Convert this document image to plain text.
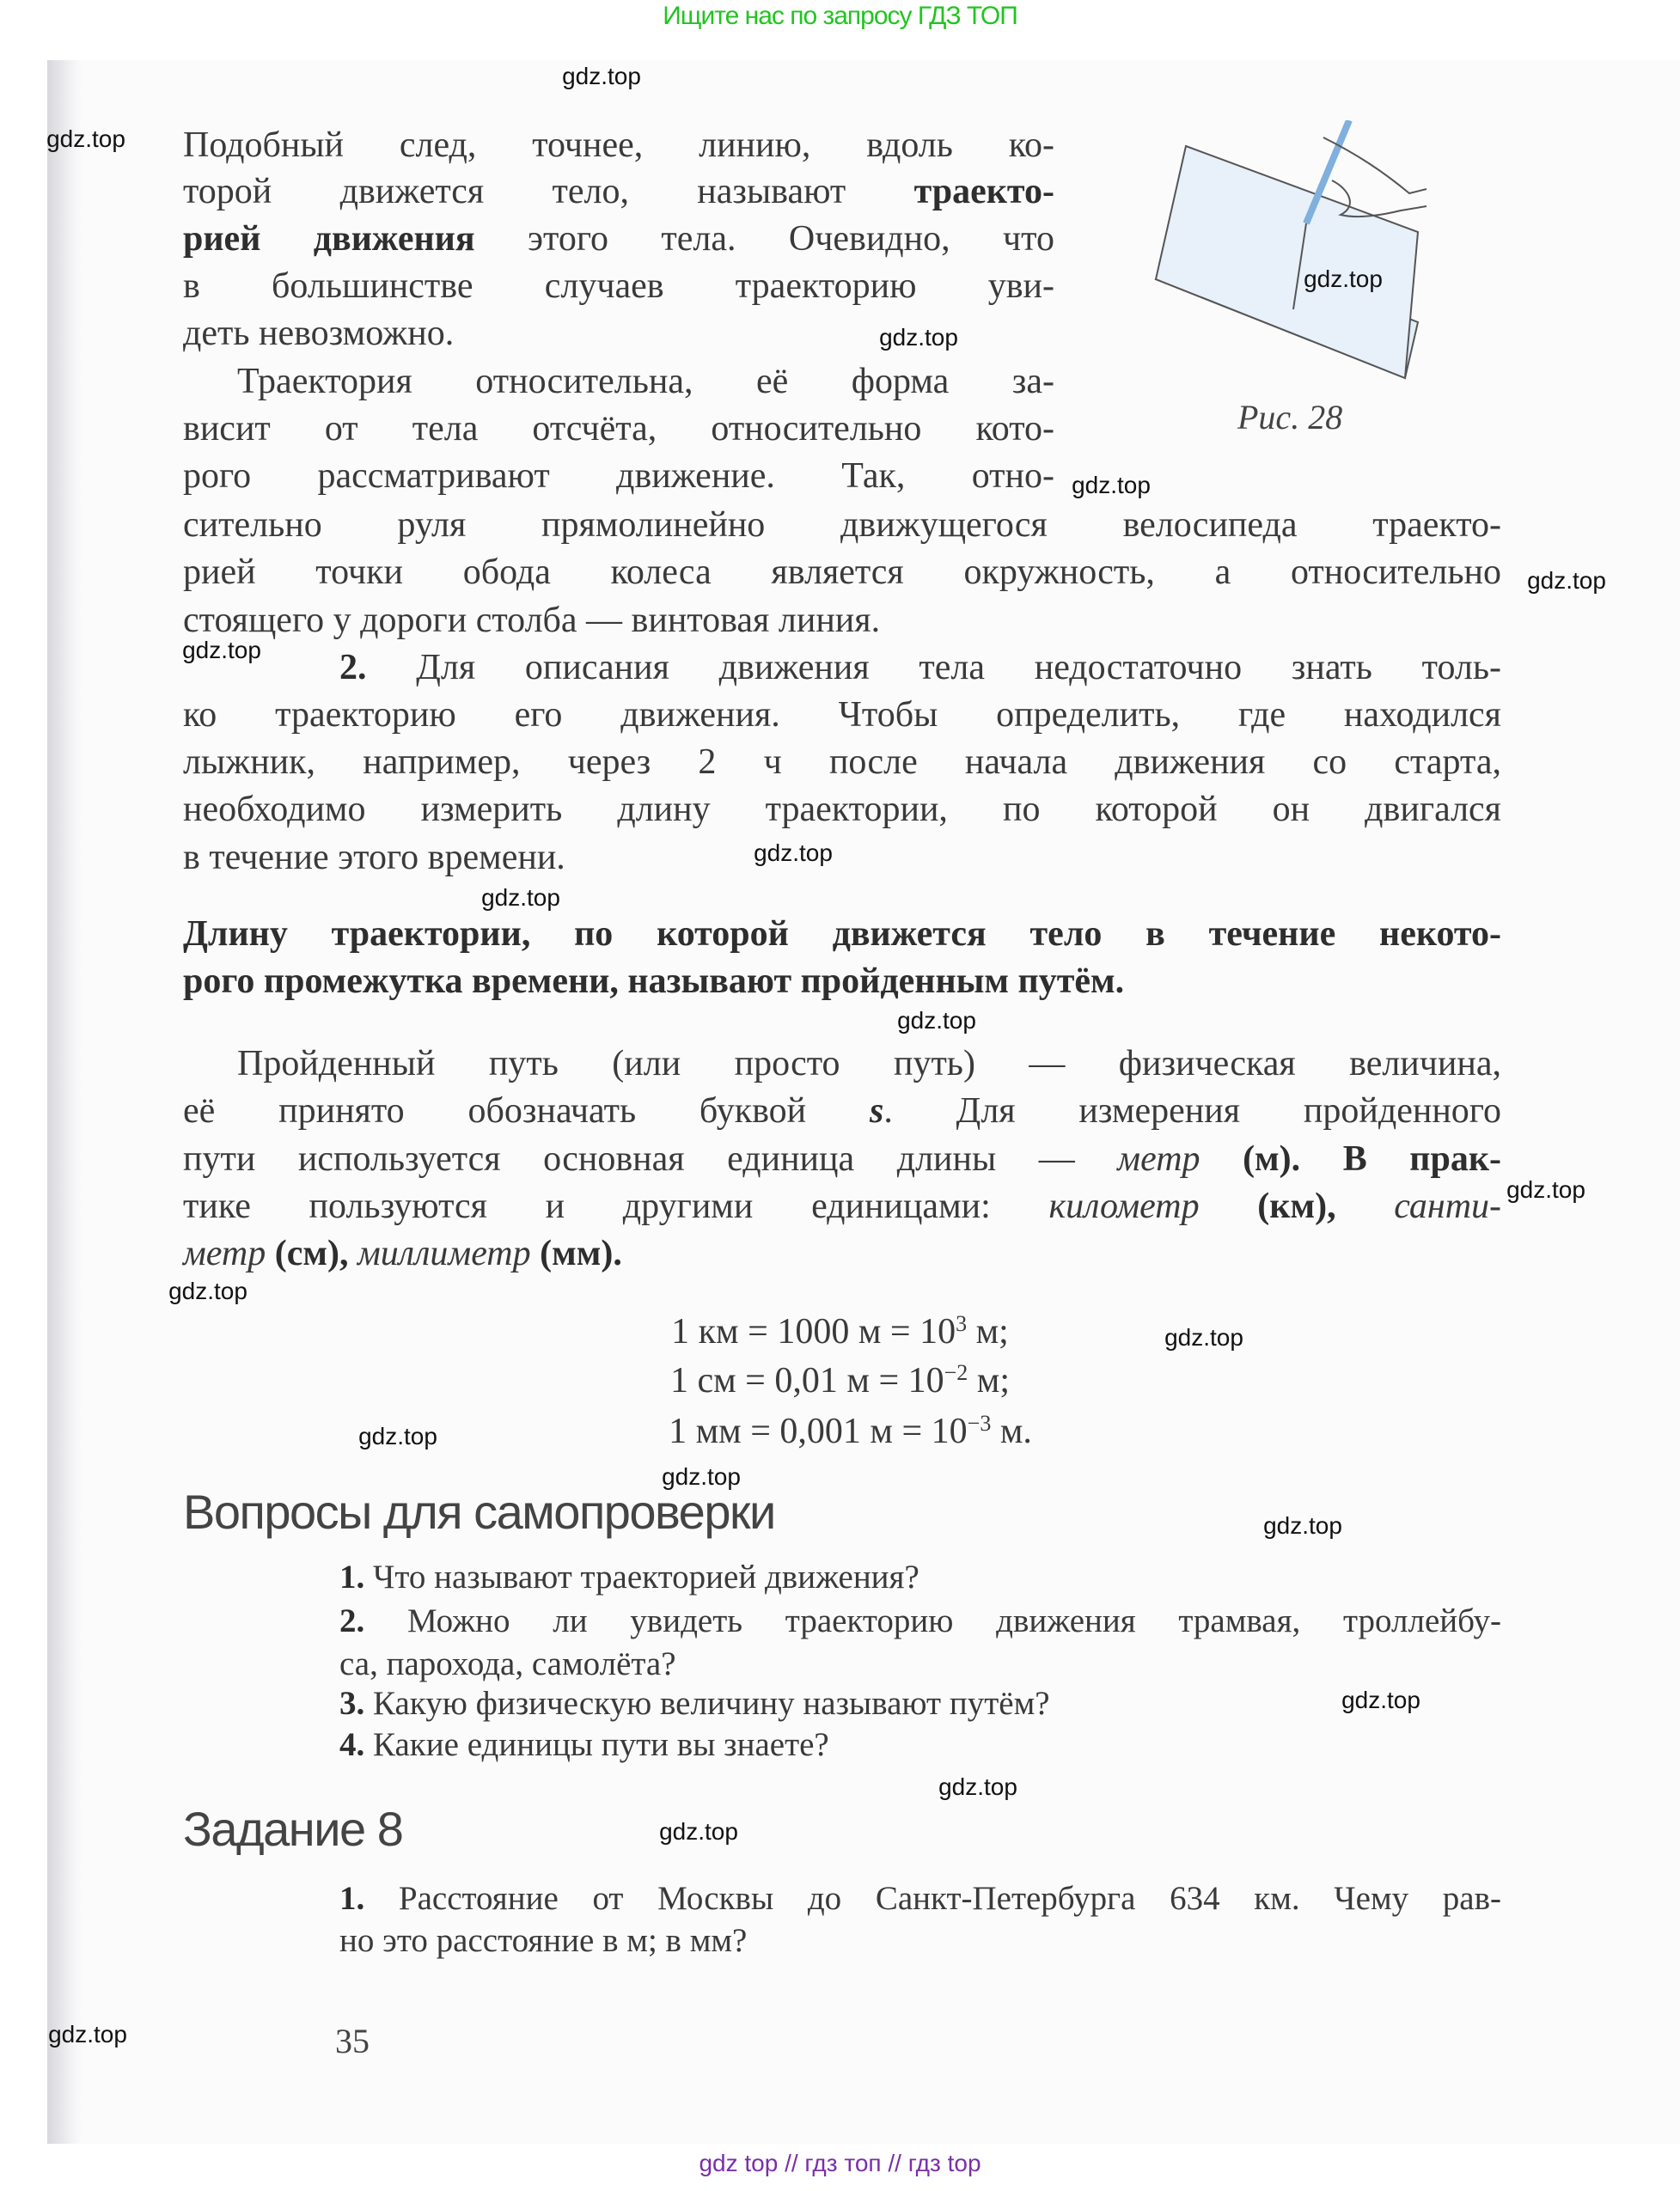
Ищите нас по запросу ГДЗ ТОП
Рис. 28
Подобный след, точнее, линию, вдоль ко-
торой движется тело, называют траекто-
рией движения этого тела. Очевидно, что
в большинстве случаев траекторию уви-
деть невозможно.
Траектория относительна, её форма за-
висит от тела отсчёта, относительно кото-
рого рассматривают движение. Так, отно-
сительно руля прямолинейно движущегося велосипеда траекто-
рией точки обода колеса является окружность, а относительно
стоящего у дороги столба — винтовая линия.
2. Для описания движения тела недостаточно знать толь-
ко траекторию его движения. Чтобы определить, где находился
лыжник, например, через 2 ч после начала движения со старта,
необходимо измерить длину траектории, по которой он двигался
в течение этого времени.
Длину траектории, по которой движется тело в течение некото-
рого промежутка времени, называют пройденным путём.
Пройденный путь (или просто путь) — физическая величина,
её принято обозначать буквой s. Для измерения пройденного
пути используется основная единица длины — метр (м). В прак-
тике пользуются и другими единицами: километр (км), санти-
метр (см), миллиметр (мм).
1 км = 1000 $м = 10^3$ м;
1 см = 0,01 $м = 10^{-2}$ м;
1 мм = 0,001 $м = 10^{-3}$ м.
Вопросы для самопроверки
1. Что называют траекторией движения?
2. Можно ли увидеть траекторию движения трамвая, троллейбу-
са, парохода, самолёта?
3. Какую физическую величину называют путём?
4. Какие единицы пути вы знаете?
Задание 8
1. Расстояние от Москвы до Санкт-Петербурга 634 км. Чему рав-
но это расстояние в м; в мм?
35
gdz.top
gdz.top
gdz.top
gdz.top
gdz.top
gdz.top
gdz.top
gdz.top
gdz.top
gdz.top
gdz.top
gdz.top
gdz.top
gdz.top
gdz.top
gdz.top
gdz.top
gdz.top
gdz top // гдз топ // гдз top
gdz.top
gdz.top
